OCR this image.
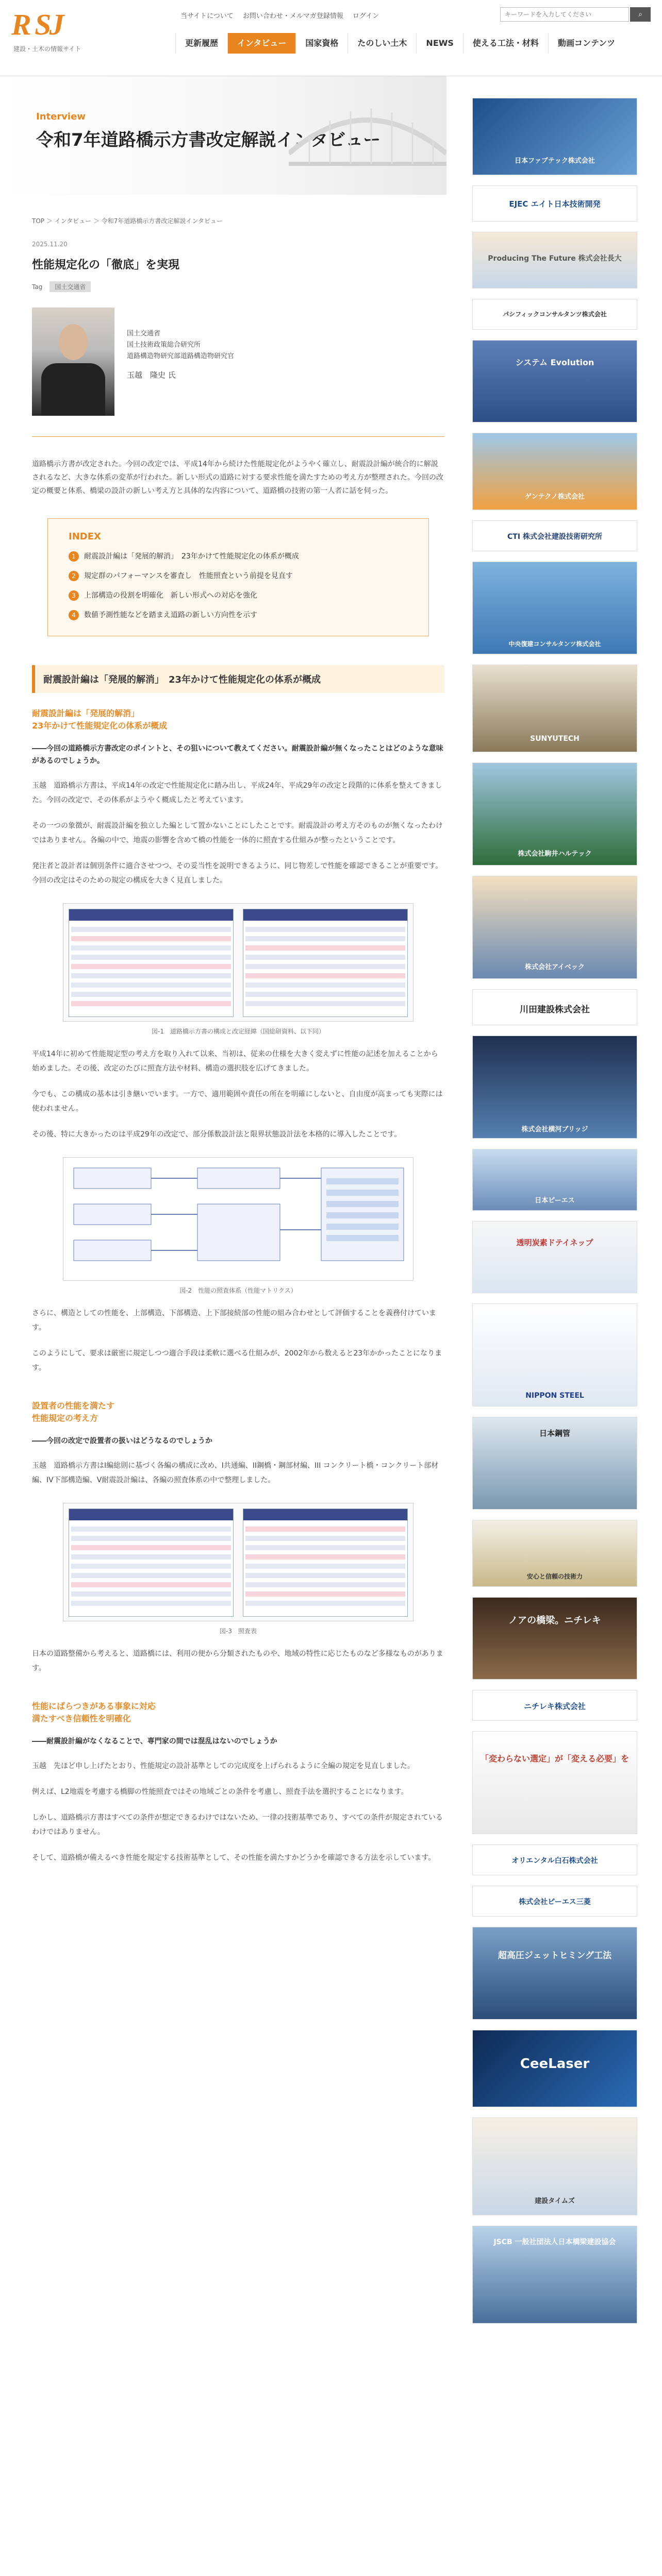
R SJ
建設・土木の情報サイト
当サイトについて お問い合わせ・メルマガ登録情報 ログイン
キーワードを入力してください	⌕
更新履歴	インタビュー	国家資格	たのしい土木	NEWS	使える工法・材料	動画コンテンツ
Interview
令和7年道路橋示方書改定解説インタビュー
TOP ＞ インタビュー ＞ 令和7年道路橋示方書改定解説インタビュー
2025.11.20
性能規定化の「徹底」を実現
Tag	国土交通省
国土交通省
国土技術政策総合研究所
道路構造物研究部道路構造物研究官
玉越　隆史 氏

道路橋示方書が改定された。今回の改定では、平成14年から続けた性能規定化がようやく確立し、耐震設計編が統合的に解説されるなど、大きな体系の変革が行われた。新しい形式の道路に対する要求性能を満たすための考え方が整理された。今回の改定の概要と体系、橋梁の設計の新しい考え方と具体的な内容について、道路橋の技術の第一人者に話を伺った。

INDEX
1	耐震設計編は「発展的解消」　23年かけて性能規定化の体系が概成
2	規定群のパフォーマンスを審査し　性能照査という前提を見直す
3	上部構造の役割を明確化　新しい形式への対応を強化
4	数値予測性能などを踏まえ道路の新しい方向性を示す
耐震設計編は「発展的解消」　23年かけて性能規定化の体系が概成
耐震設計編は「発展的解消」
23年かけて性能規定化の体系が概成

――今回の道路橋示方書改定のポイントと、その狙いについて教えてください。耐震設計編が無くなったことはどのような意味があるのでしょうか。

玉越　道路橋示方書は、平成14年の改定で性能規定化に踏み出し、平成24年、平成29年の改定と段階的に体系を整えてきました。今回の改定で、その体系がようやく概成したと考えています。

その一つの象徴が、耐震設計編を独立した編として置かないことにしたことです。耐震設計の考え方そのものが無くなったわけではありません。各編の中で、地震の影響を含めて橋の性能を一体的に照査する仕組みが整ったということです。

発注者と設計者は個別条件に適合させつつ、その妥当性を説明できるように、同じ物差しで性能を確認できることが重要です。今回の改定はそのための規定の構成を大きく見直しました。

図-1　道路橋示方書の構成と改定経緯（国総研資料、以下同）

平成14年に初めて性能規定型の考え方を取り入れて以来、当初は、従来の仕様を大きく変えずに性能の記述を加えることから始めました。その後、改定のたびに照査方法や材料、構造の選択肢を広げてきました。

今でも、この構成の基本は引き継いでいます。一方で、適用範囲や責任の所在を明確にしないと、自由度が高まっても実際には使われません。

その後、特に大きかったのは平成29年の改定で、部分係数設計法と限界状態設計法を本格的に導入したことです。

図-2　性能の照査体系（性能マトリクス）

さらに、構造としての性能を、上部構造、下部構造、上下部接続部の性能の組み合わせとして評価することを義務付けています。

このようにして、要求は厳密に規定しつつ適合手段は柔軟に選べる仕組みが、2002年から数えると23年かかったことになります。

設置者の性能を満たす
性能規定の考え方

――今回の改定で設置者の扱いはどうなるのでしょうか

玉越　道路橋示方書はI編総則に基づく各編の構成に改め、I共通編、II鋼橋・鋼部材編、III コンクリート橋・コンクリート部材編、IV下部構造編、V耐震設計編は、各編の照査体系の中で整理しました。

図-3　照査表

日本の道路整備から考えると、道路橋には、利用の便から分類されたものや、地域の特性に応じたものなど多様なものがあります。

性能にばらつきがある事象に対応
満たすべき信頼性を明確化

――耐震設計編がなくなることで、専門家の間では混乱はないのでしょうか

玉越　先ほど申し上げたとおり、性能規定の設計基準としての完成度を上げられるように全編の規定を見直しました。

例えば、L2地震を考慮する橋脚の性能照査ではその地域ごとの条件を考慮し、照査手法を選択することになります。

しかし、道路橋示方書はすべての条件が想定できるわけではないため、一律の技術基準であり、すべての条件が規定されているわけではありません。

そして、道路橋が備えるべき性能を規定する技術基準として、その性能を満たすかどうかを確認できる方法を示しています。

日本ファブテック株式会社
EJEC エイト日本技術開発
Producing The Future 株式会社長大
パシフィックコンサルタンツ株式会社
システム Evolution
ゲンテクノ株式会社
CTI 株式会社建設技術研究所
中央復建コンサルタンツ株式会社
SUNYUTECH
株式会社駒井ハルテック
株式会社アイベック
川田建設株式会社
株式会社横河ブリッジ
日本ピーエス
透明炭素ドテイネップ
NIPPON STEEL
日本鋼管
安心と信頼の技術力
ノアの橋梁。ニチレキ
ニチレキ株式会社
「変わらない選定」が「変える必要」を
オリエンタル白石株式会社
株式会社ピーエス三菱
超高圧ジェットヒミング工法
CeeLaser
建設タイムズ
JSCB 一般社団法人日本橋梁建設協会
